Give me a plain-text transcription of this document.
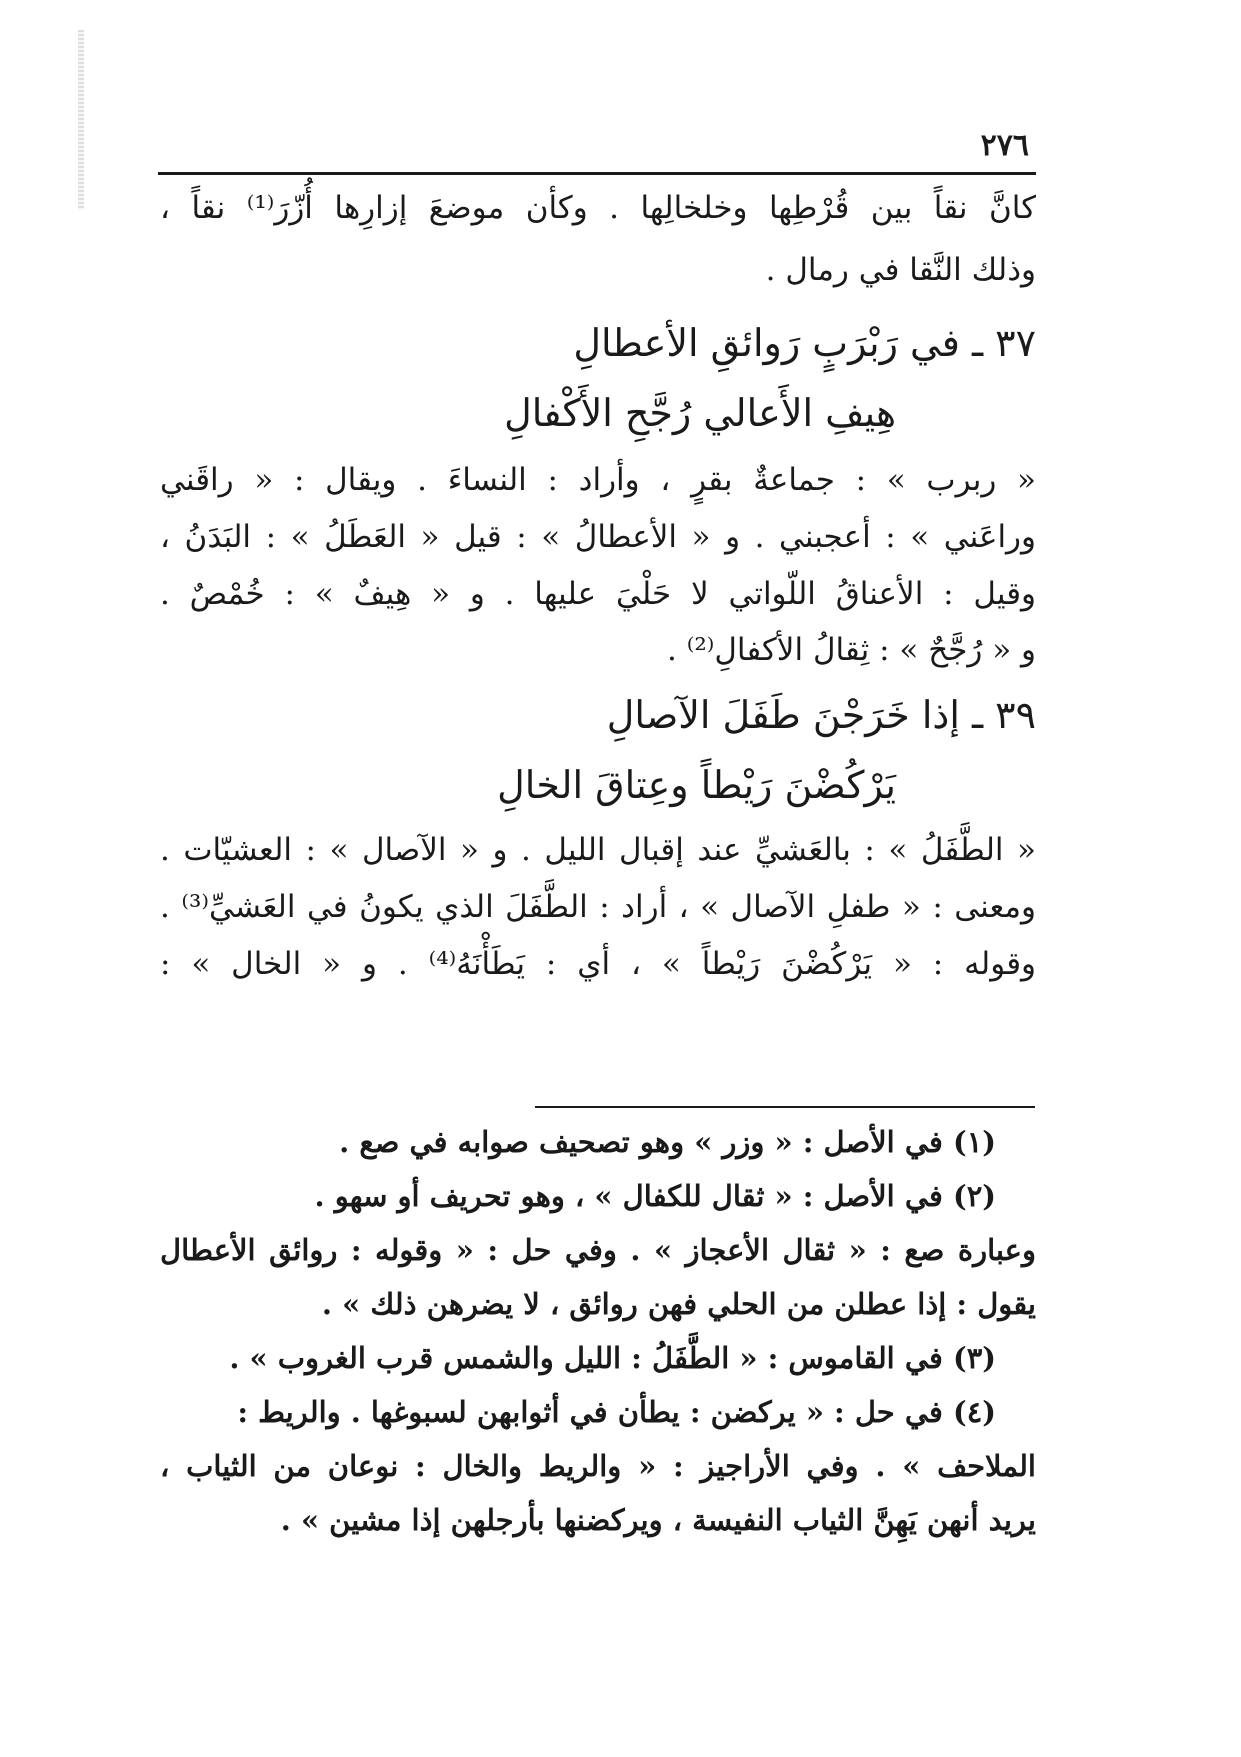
٢٧٦
كانَّ نقاً بين قُرْطِها وخلخالِها . وكأن موضعَ إزارِها أُزّرَ⁽¹⁾ نقاً ،
وذلك النَّقا في رمال .
٣٧ ـ في رَبْرَبٍ رَوائقِ الأعطالِ
هِيفِ الأَعالي رُجَّحِ الأَكْفالِ
« ربرب » : جماعةٌ بقرٍ ، وأراد : النساءَ . ويقال : « راقَني
وراعَني » : أعجبني . و « الأعطالُ » : قيل « العَطَلُ » : البَدَنُ ،
وقيل : الأعناقُ اللّواتي لا حَلْيَ عليها . و « هِيفٌ » : خُمْصٌ .
و « رُجَّحٌ » : ثِقالُ الأكفالِ⁽²⁾ .
٣٩ ـ إذا خَرَجْنَ طَفَلَ الآصالِ
يَرْكُضْنَ رَيْطاً وعِتاقَ الخالِ
« الطَّفَلُ » : بالعَشيِّ عند إقبال الليل . و « الآصال » : العشيّات .
ومعنى : « طفلِ الآصال » ، أراد : الطَّفَلَ الذي يكونُ في العَشيِّ⁽³⁾ .
وقوله : « يَرْكُضْنَ رَيْطاً » ، أي : يَطَأْنَهُ⁽⁴⁾ . و « الخال » :
(١) في الأصل : « وزر » وهو تصحيف صوابه في صع .
(٢) في الأصل : « ثقال للكفال » ، وهو تحريف أو سهو .
وعبارة صع : « ثقال الأعجاز » . وفي حل : « وقوله : روائق الأعطال
يقول : إذا عطلن من الحلي فهن روائق ، لا يضرهن ذلك » .
(٣) في القاموس : « الطَّفَلُ : الليل والشمس قرب الغروب » .
(٤) في حل : « يركضن : يطأن في أثوابهن لسبوغها . والريط :
الملاحف » . وفي الأراجيز : « والريط والخال : نوعان من الثياب ،
يريد أنهن يَهِنَّ الثياب النفيسة ، ويركضنها بأرجلهن إذا مشين » .
